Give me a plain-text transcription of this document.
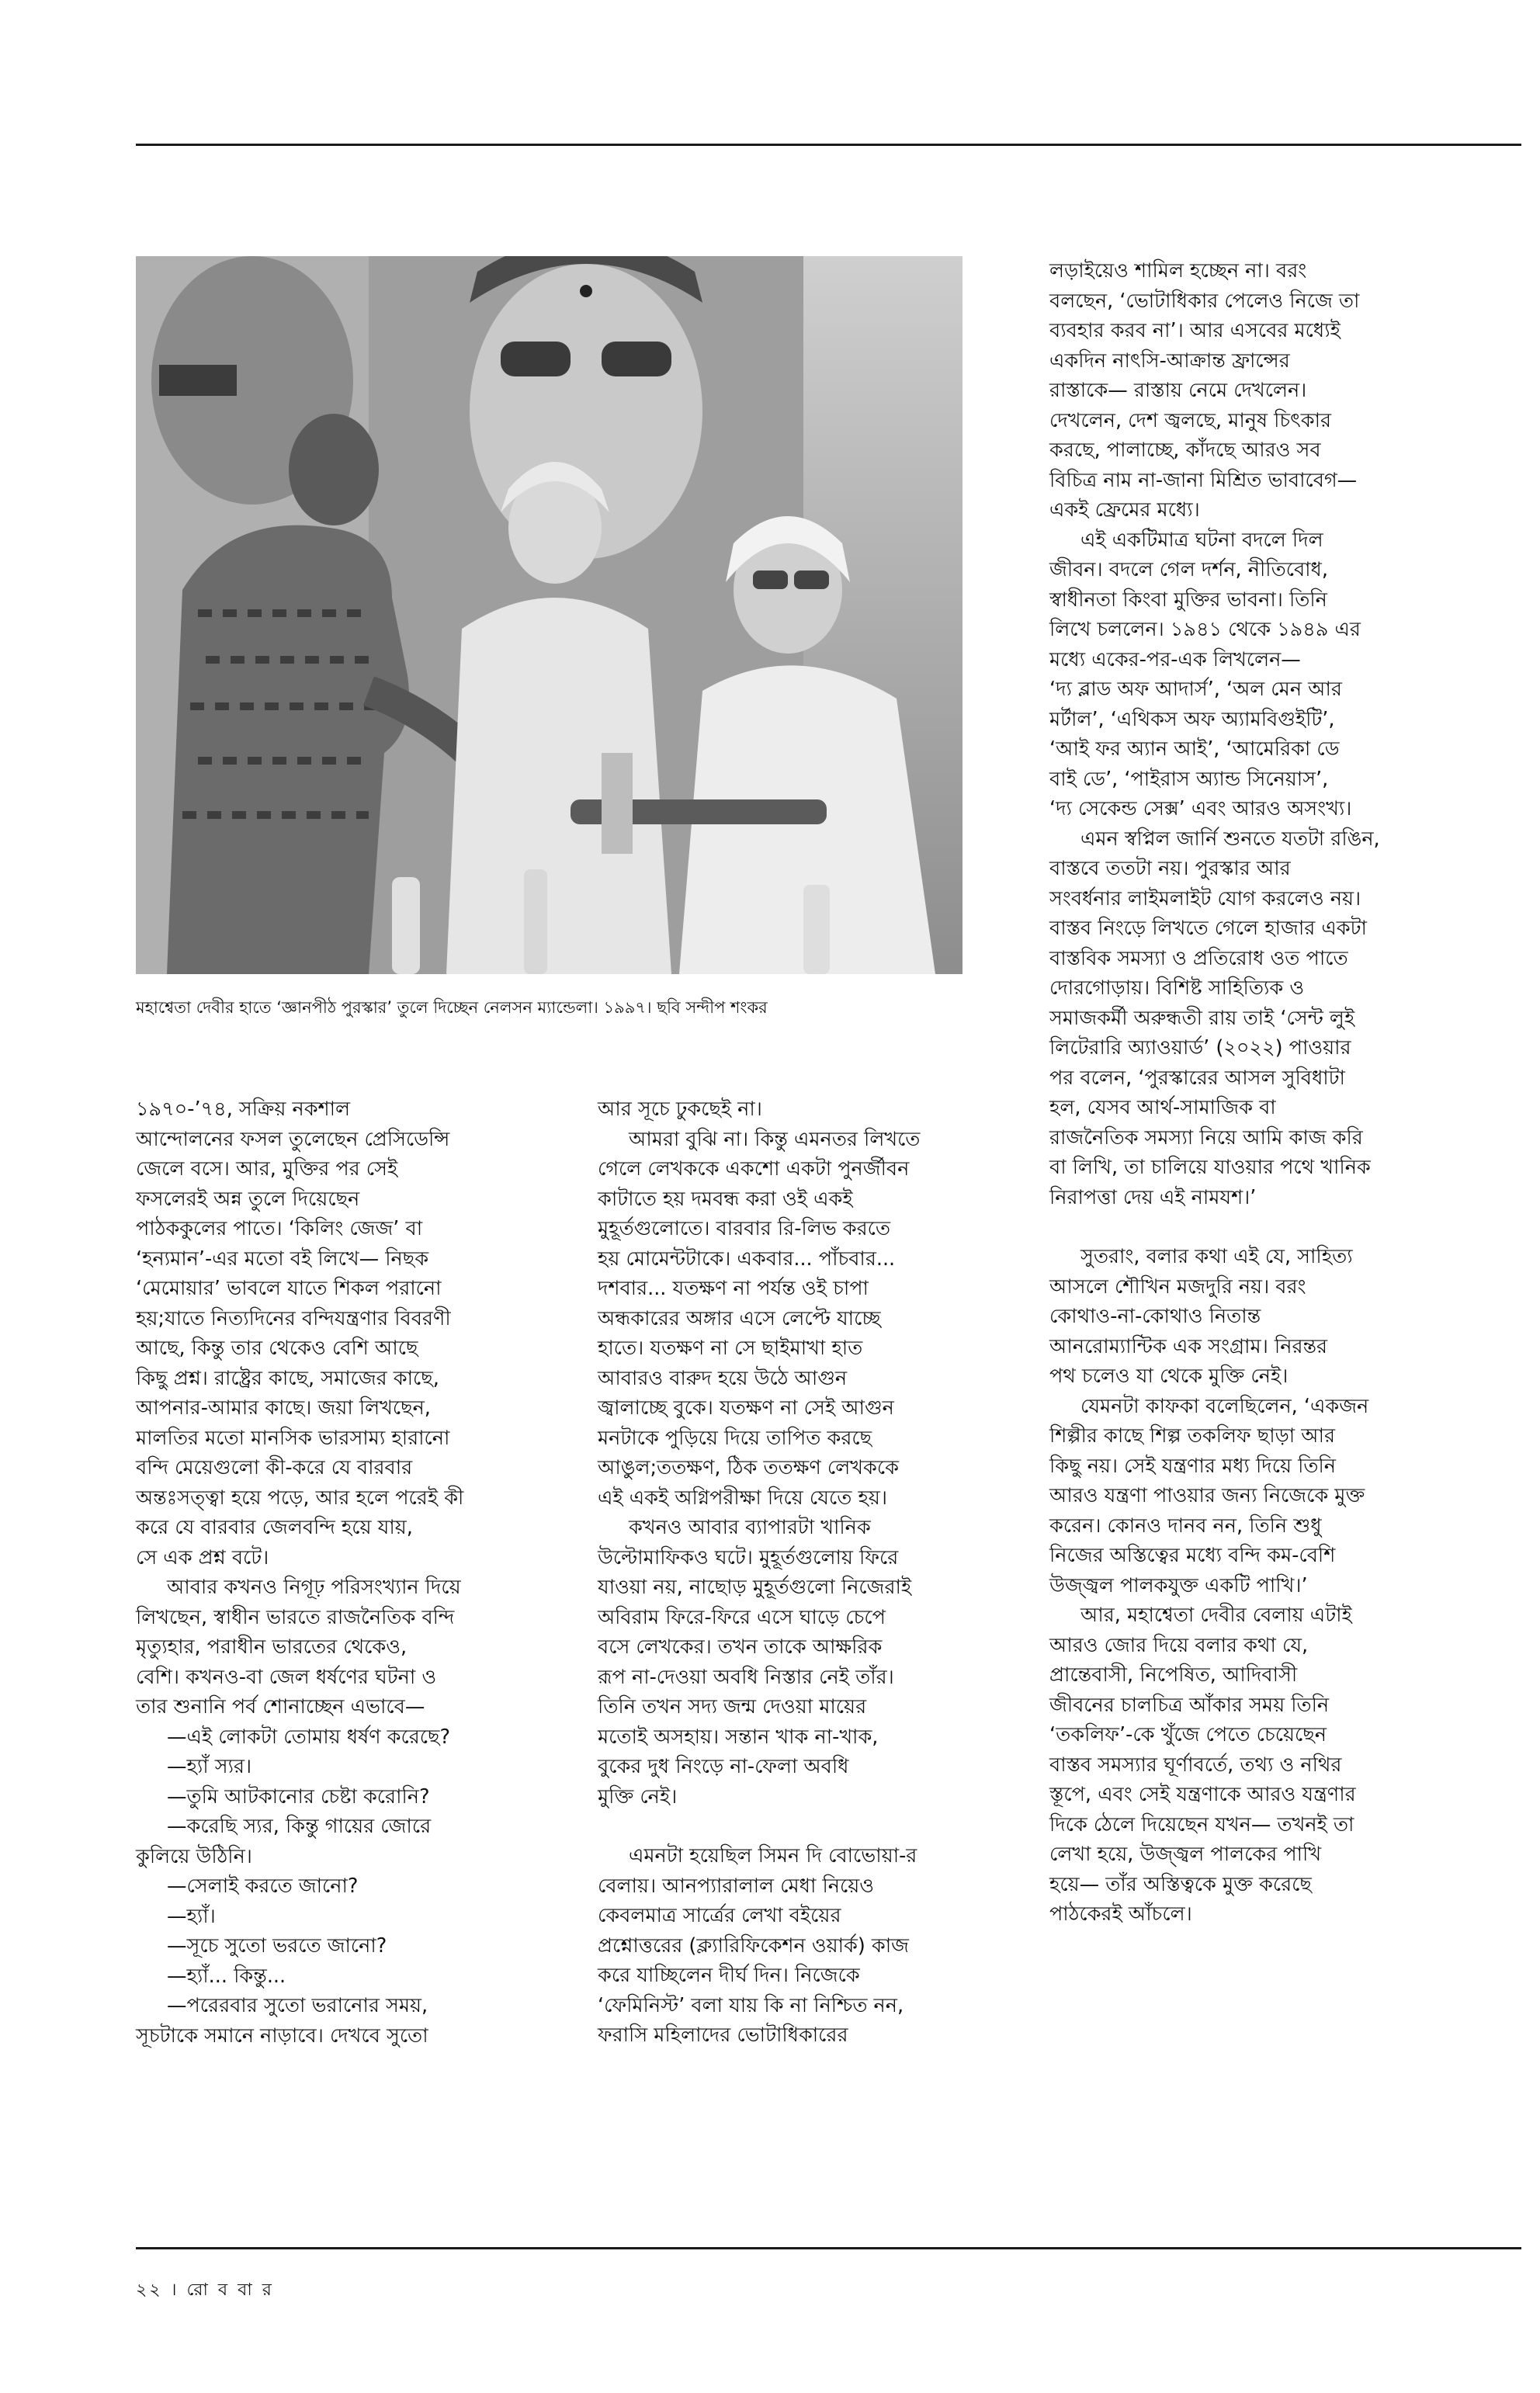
মহাশ্বেতা দেবীর হাতে ‘জ্ঞানপীঠ পুরস্কার’ তুলে দিচ্ছেন নেলসন ম্যান্ডেলা। ১৯৯৭। ছবি সন্দীপ শংকর

১৯৭০-’৭৪, সক্রিয় নকশাল

আন্দোলনের ফসল তুলেছেন প্রেসিডেন্সি

জেলে বসে। আর, মুক্তির পর সেই

ফসলেরই অন্ন তুলে দিয়েছেন

পাঠককুলের পাতে। ‘কিলিং জেজ’ বা

‘হন্যমান’-এর মতো বই লিখে— নিছক

‘মেমোয়ার’ ভাবলে যাতে শিকল পরানো

হয়;যাতে নিত্যদিনের বন্দিযন্ত্রণার বিবরণী

আছে, কিন্তু তার থেকেও বেশি আছে

কিছু প্রশ্ন। রাষ্ট্রের কাছে, সমাজের কাছে,

আপনার-আমার কাছে। জয়া লিখছেন,

মালতির মতো মানসিক ভারসাম্য হারানো

বন্দি মেয়েগুলো কী-করে যে বারবার

অন্তঃসত্ত্বা হয়ে পড়ে, আর হলে পরেই কী

করে যে বারবার জেলবন্দি হয়ে যায়,

সে এক প্রশ্ন বটে।

আবার কখনও নিগূঢ় পরিসংখ্যান দিয়ে

লিখছেন, স্বাধীন ভারতে রাজনৈতিক বন্দি

মৃত্যুহার, পরাধীন ভারতের থেকেও,

বেশি। কখনও-বা জেল ধর্ষণের ঘটনা ও

তার শুনানি পর্ব শোনাচ্ছেন এভাবে—

—এই লোকটা তোমায় ধর্ষণ করেছে?

—হ্যাঁ স্যর।

—তুমি আটকানোর চেষ্টা করোনি?

—করেছি স্যর, কিন্তু গায়ের জোরে

কুলিয়ে উঠিনি।

—সেলাই করতে জানো?

—হ্যাঁ।

—সূচে সুতো ভরতে জানো?

—হ্যাঁ... কিন্তু...

—পরেরবার সুতো ভরানোর সময়,

সূচটাকে সমানে নাড়াবে। দেখবে সুতো

আর সূচে ঢুকছেই না।

আমরা বুঝি না। কিন্তু এমনতর লিখতে

গেলে লেখককে একশো একটা পুনর্জীবন

কাটাতে হয় দমবন্ধ করা ওই একই

মুহূর্তগুলোতে। বারবার রি-লিভ করতে

হয় মোমেন্টটাকে। একবার... পাঁচবার...

দশবার... যতক্ষণ না পর্যন্ত ওই চাপা

অন্ধকারের অঙ্গার এসে লেপ্টে যাচ্ছে

হাতে। যতক্ষণ না সে ছাইমাখা হাত

আবারও বারুদ হয়ে উঠে আগুন

জ্বালাচ্ছে বুকে। যতক্ষণ না সেই আগুন

মনটাকে পুড়িয়ে দিয়ে তাপিত করছে

আঙুল;ততক্ষণ, ঠিক ততক্ষণ লেখককে

এই একই অগ্নিপরীক্ষা দিয়ে যেতে হয়।

কখনও আবার ব্যাপারটা খানিক

উল্টোমাফিকও ঘটে। মুহূর্তগুলোয় ফিরে

যাওয়া নয়, নাছোড় মুহূর্তগুলো নিজেরাই

অবিরাম ফিরে-ফিরে এসে ঘাড়ে চেপে

বসে লেখকের। তখন তাকে আক্ষরিক

রূপ না-দেওয়া অবধি নিস্তার নেই তাঁর।

তিনি তখন সদ্য জন্ম দেওয়া মায়ের

মতোই অসহায়। সন্তান খাক না-খাক,

বুকের দুধ নিংড়ে না-ফেলা অবধি

মুক্তি নেই।

এমনটা হয়েছিল সিমন দি বোভোয়া-র

বেলায়। আনপ্যারালাল মেধা নিয়েও

কেবলমাত্র সার্ত্রের লেখা বইয়ের

প্রশ্নোত্তরের (ক্ল্যারিফিকেশন ওয়ার্ক) কাজ

করে যাচ্ছিলেন দীর্ঘ দিন। নিজেকে

‘ফেমিনিস্ট’ বলা যায় কি না নিশ্চিত নন,

ফরাসি মহিলাদের ভোটাধিকারের

লড়াইয়েও শামিল হচ্ছেন না। বরং

বলছেন, ‘ভোটাধিকার পেলেও নিজে তা

ব্যবহার করব না’। আর এসবের মধ্যেই

একদিন নাৎসি-আক্রান্ত ফ্রান্সের

রাস্তাকে— রাস্তায় নেমে দেখলেন।

দেখলেন, দেশ জ্বলছে, মানুষ চিৎকার

করছে, পালাচ্ছে, কাঁদছে আরও সব

বিচিত্র নাম না-জানা মিশ্রিত ভাবাবেগ—

একই ফ্রেমের মধ্যে।

এই একটিমাত্র ঘটনা বদলে দিল

জীবন। বদলে গেল দর্শন, নীতিবোধ,

স্বাধীনতা কিংবা মুক্তির ভাবনা। তিনি

লিখে চললেন। ১৯৪১ থেকে ১৯৪৯ এর

মধ্যে একের-পর-এক লিখলেন—

‘দ্য ব্লাড অফ আদার্স’, ‘অল মেন আর

মর্টাল’, ‘এথিকস অফ অ্যামবিগুইটি’,

‘আই ফর অ্যান আই’, ‘আমেরিকা ডে

বাই ডে’, ‘পাইরাস অ্যান্ড সিনেয়াস’,

‘দ্য সেকেন্ড সেক্স’ এবং আরও অসংখ্য।

এমন স্বপ্নিল জার্নি শুনতে যতটা রঙিন,

বাস্তবে ততটা নয়। পুরস্কার আর

সংবর্ধনার লাইমলাইট যোগ করলেও নয়।

বাস্তব নিংড়ে লিখতে গেলে হাজার একটা

বাস্তবিক সমস্যা ও প্রতিরোধ ওত পাতে

দোরগোড়ায়। বিশিষ্ট সাহিত্যিক ও

সমাজকর্মী অরুন্ধতী রায় তাই ‘সেন্ট লুই

লিটেরারি অ্যাওয়ার্ড’ (২০২২) পাওয়ার

পর বলেন, ‘পুরস্কারের আসল সুবিধাটা

হল, যেসব আর্থ-সামাজিক বা

রাজনৈতিক সমস্যা নিয়ে আমি কাজ করি

বা লিখি, তা চালিয়ে যাওয়ার পথে খানিক

নিরাপত্তা দেয় এই নামযশ।’

সুতরাং, বলার কথা এই যে, সাহিত্য

আসলে শৌখিন মজদুরি নয়। বরং

কোথাও-না-কোথাও নিতান্ত

আনরোম্যান্টিক এক সংগ্রাম। নিরন্তর

পথ চলেও যা থেকে মুক্তি নেই।

যেমনটা কাফকা বলেছিলেন, ‘একজন

শিল্পীর কাছে শিল্প তকলিফ ছাড়া আর

কিছু নয়। সেই যন্ত্রণার মধ্য দিয়ে তিনি

আরও যন্ত্রণা পাওয়ার জন্য নিজেকে মুক্ত

করেন। কোনও দানব নন, তিনি শুধু

নিজের অস্তিত্বের মধ্যে বন্দি কম-বেশি

উজ্জ্বল পালকযুক্ত একটি পাখি।’

আর, মহাশ্বেতা দেবীর বেলায় এটাই

আরও জোর দিয়ে বলার কথা যে,

প্রান্তেবাসী, নিপেষিত, আদিবাসী

জীবনের চালচিত্র আঁকার সময় তিনি

‘তকলিফ’-কে খুঁজে পেতে চেয়েছেন

বাস্তব সমস্যার ঘূর্ণাবর্তে, তথ্য ও নথির

স্তূপে, এবং সেই যন্ত্রণাকে আরও যন্ত্রণার

দিকে ঠেলে দিয়েছেন যখন— তখনই তা

লেখা হয়ে, উজ্জ্বল পালকের পাখি

হয়ে— তাঁর অস্তিত্বকে মুক্ত করেছে

পাঠকেরই আঁচলে।

২২ । রো ব বা র
